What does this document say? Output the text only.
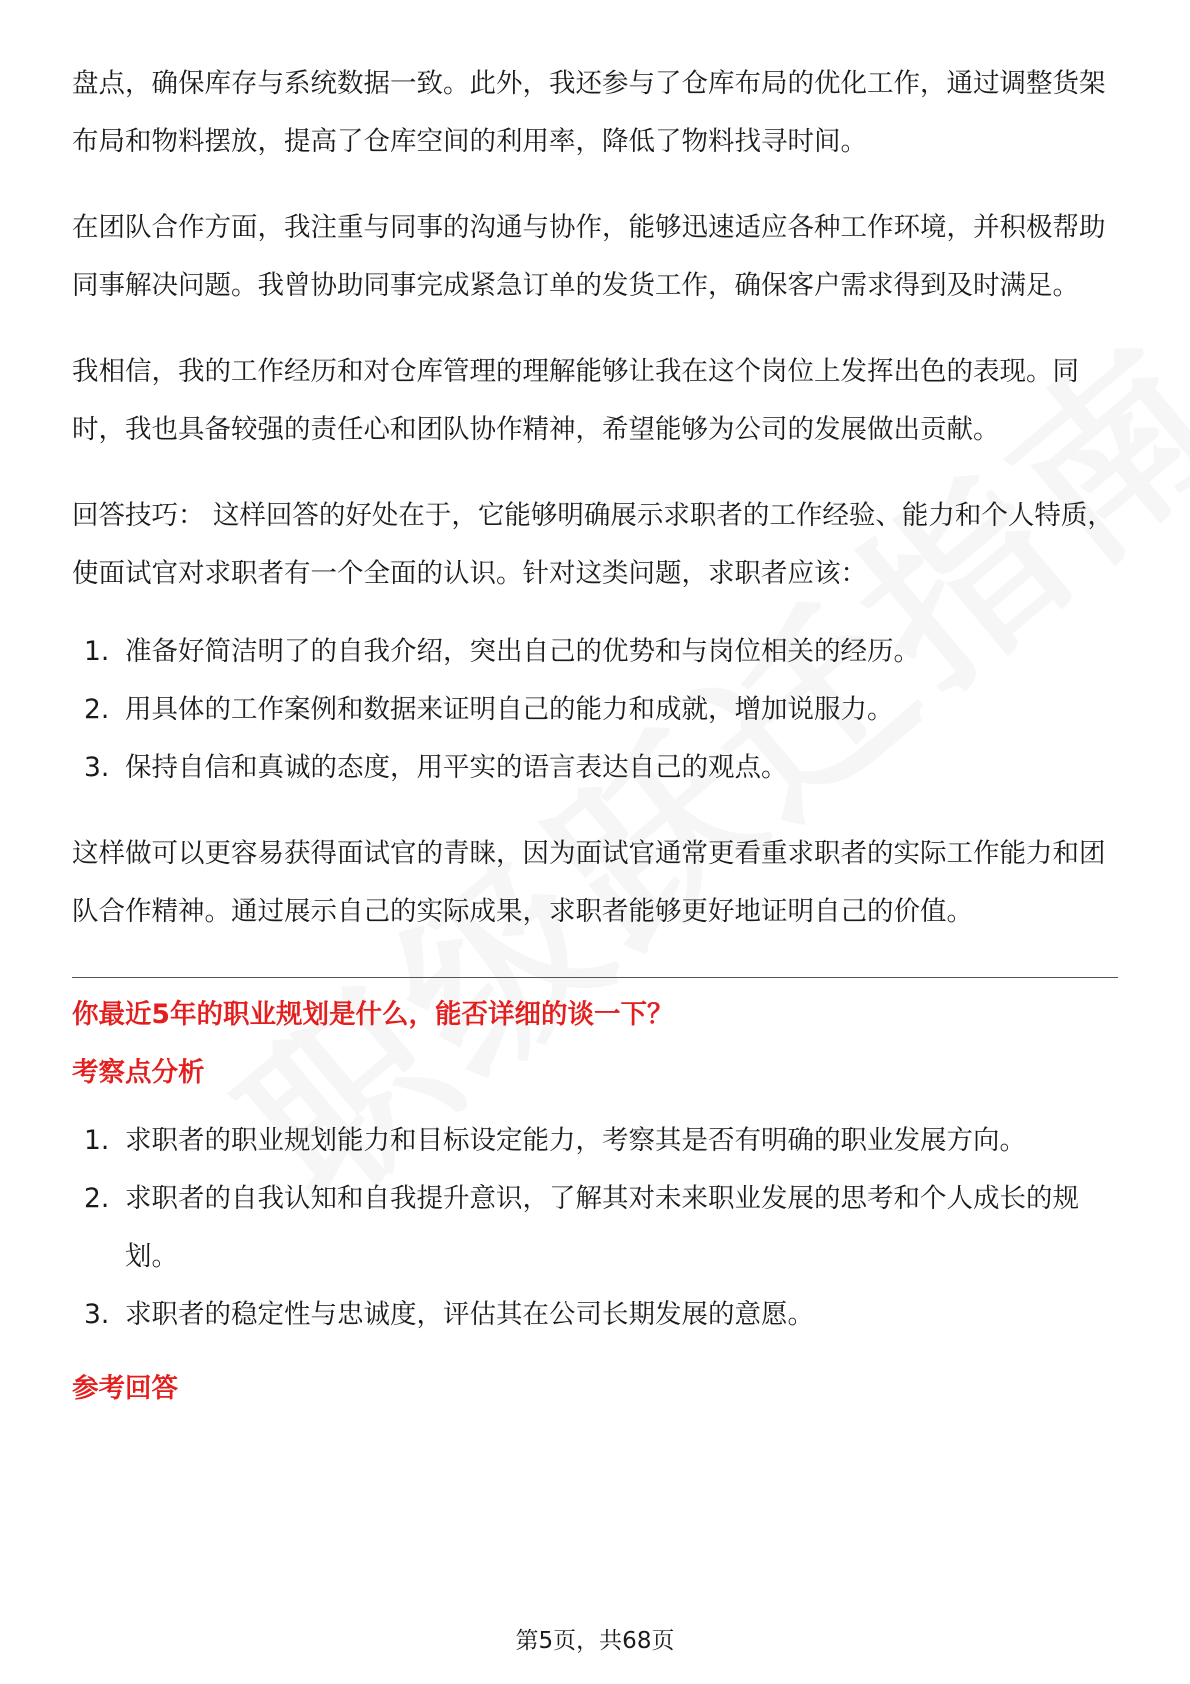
盘点，确保库存与系统数据一致。此外，我还参与了仓库布局的优化工作，通过调整货架布局和物料摆放，提高了仓库空间的利用率，降低了物料找寻时间。

在团队合作方面，我注重与同事的沟通与协作，能够迅速适应各种工作环境，并积极帮助同事解决问题。我曾协助同事完成紧急订单的发货工作，确保客户需求得到及时满足。

我相信，我的工作经历和对仓库管理的理解能够让我在这个岗位上发挥出色的表现。同时，我也具备较强的责任心和团队协作精神，希望能够为公司的发展做出贡献。

回答技巧： 这样回答的好处在于，它能够明确展示求职者的工作经验、能力和个人特质，使面试官对求职者有一个全面的认识。针对这类问题，求职者应该：

1. 准备好简洁明了的自我介绍，突出自己的优势和与岗位相关的经历。
2. 用具体的工作案例和数据来证明自己的能力和成就，增加说服力。
3. 保持自信和真诚的态度，用平实的语言表达自己的观点。

这样做可以更容易获得面试官的青睐，因为面试官通常更看重求职者的实际工作能力和团队合作精神。通过展示自己的实际成果，求职者能够更好地证明自己的价值。

你最近5年的职业规划是什么，能否详细的谈一下？
考察点分析
1. 求职者的职业规划能力和目标设定能力，考察其是否有明确的职业发展方向。
2. 求职者的自我认知和自我提升意识，了解其对未来职业发展的思考和个人成长的规划。
3. 求职者的稳定性与忠诚度，评估其在公司长期发展的意愿。
参考回答
第5页，共68页
